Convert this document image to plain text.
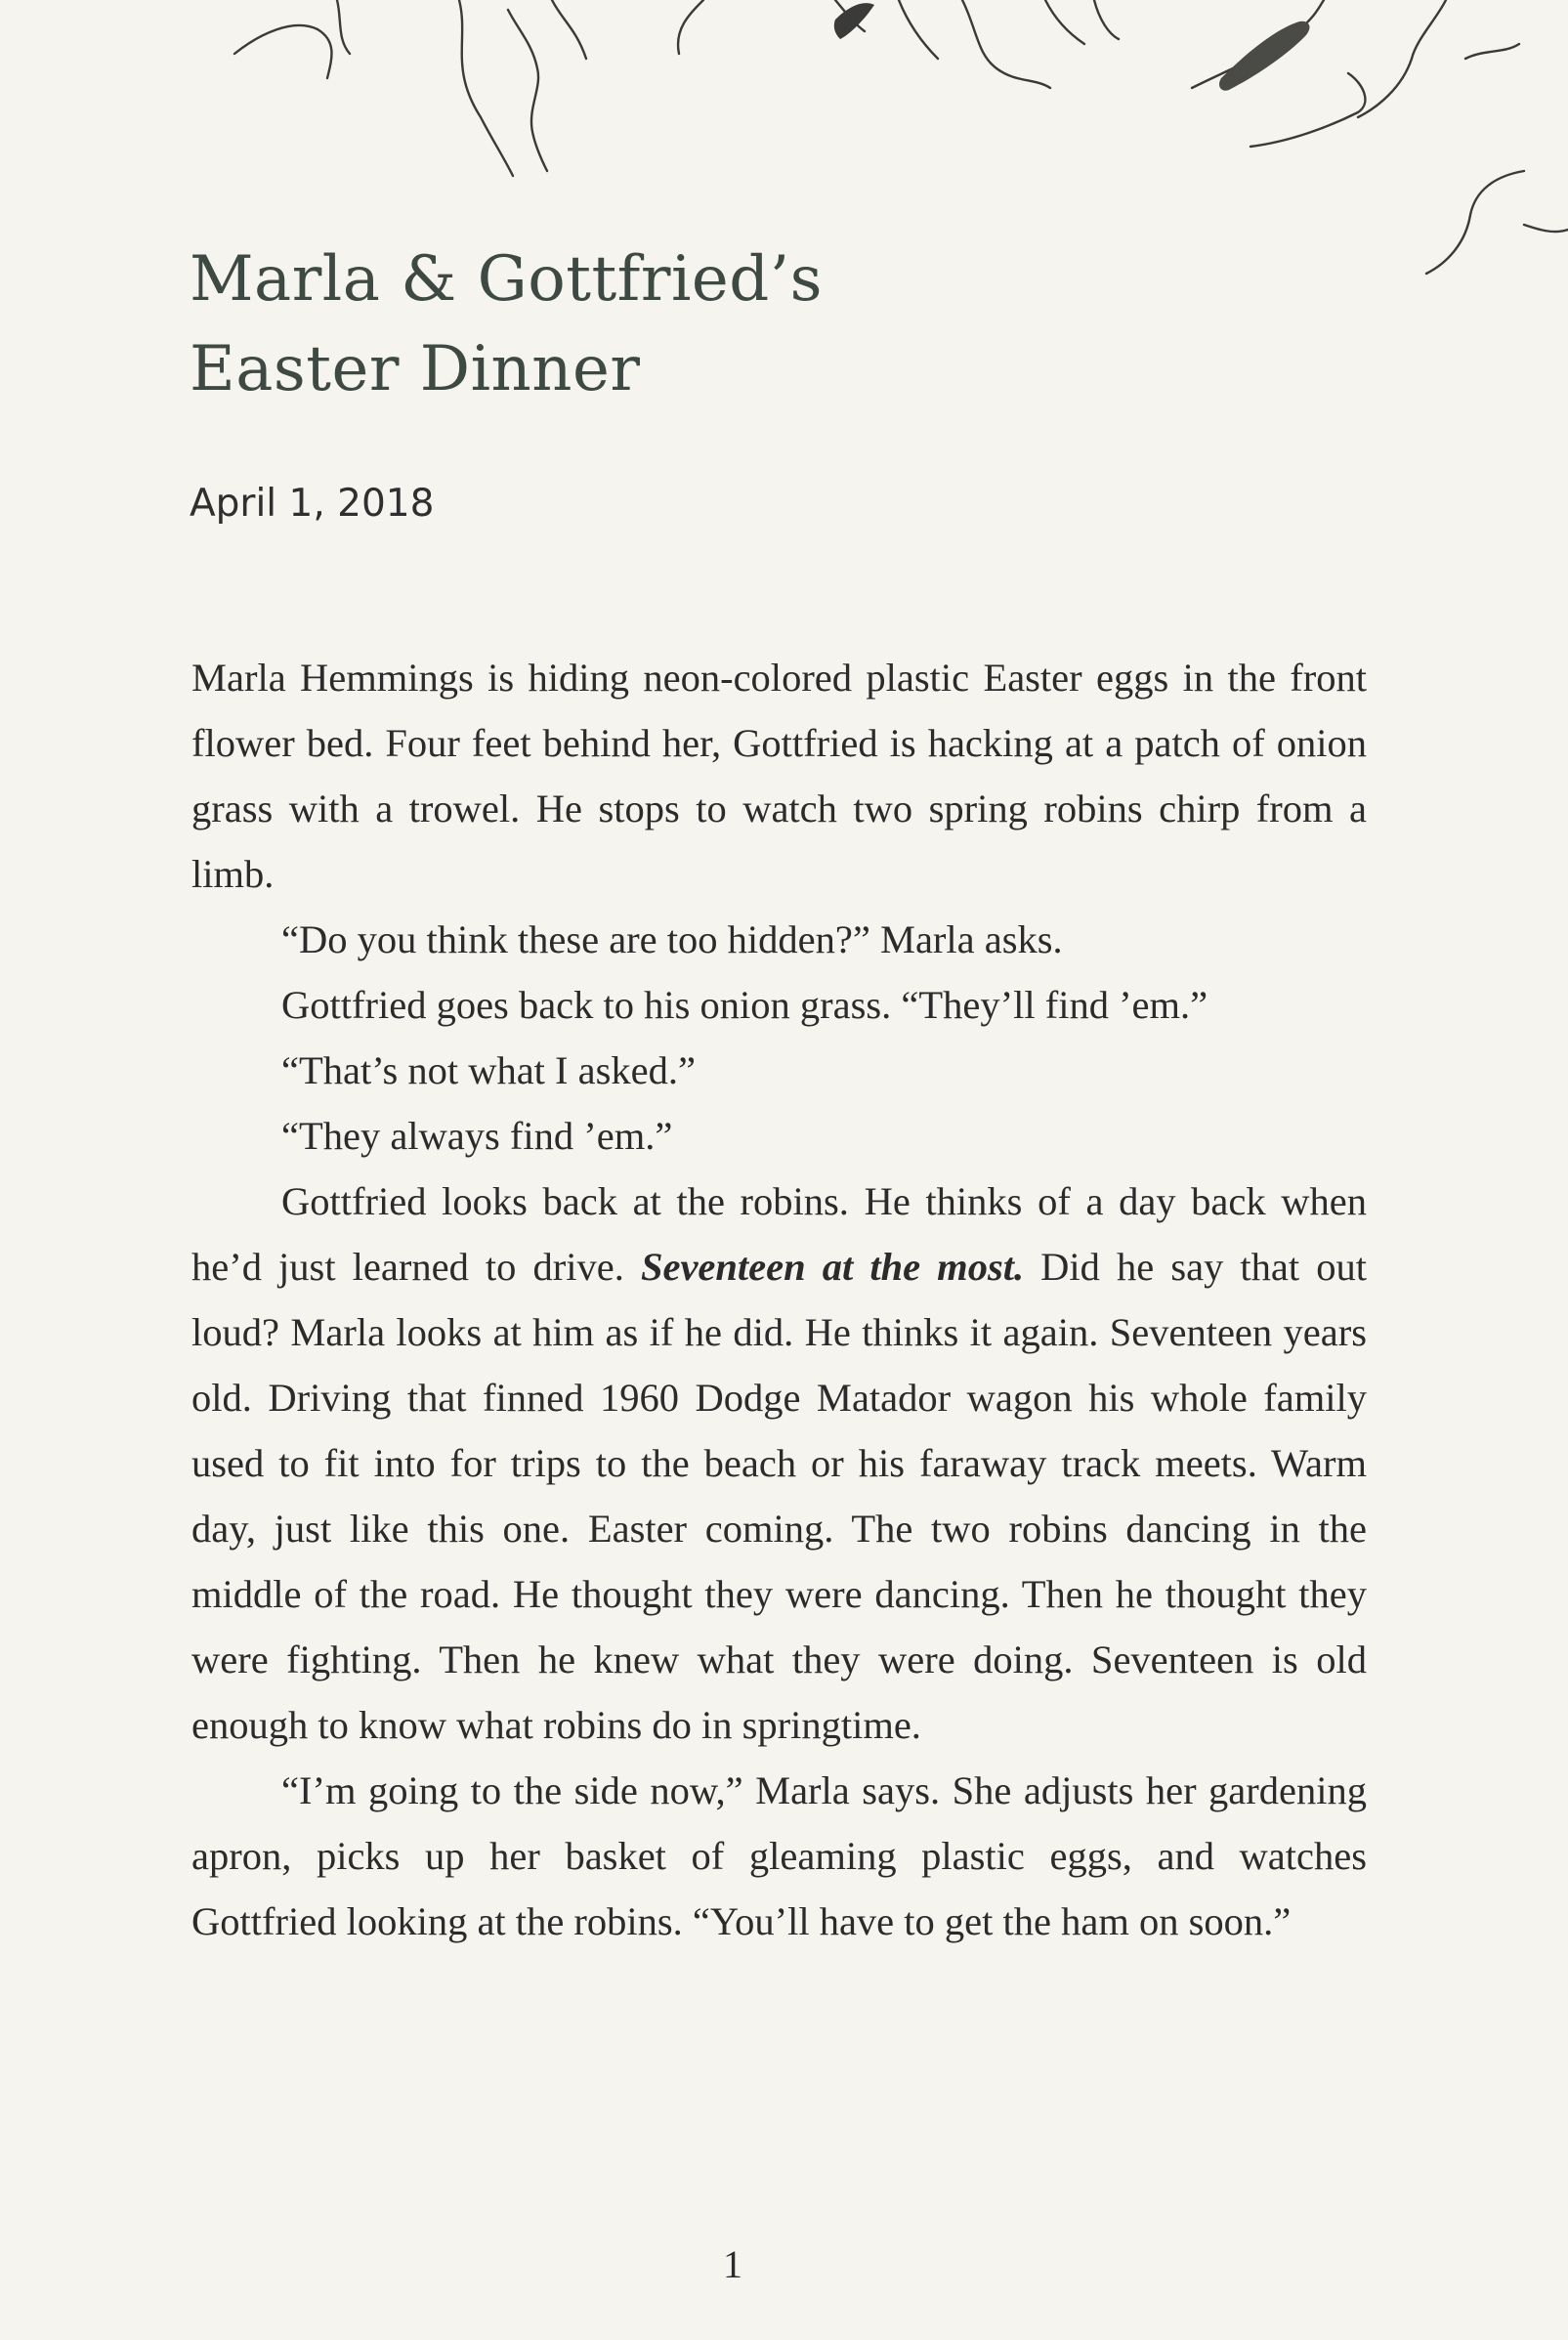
Marla & Gottfried’s
Easter Dinner
April 1, 2018

Marla Hemmings is hiding neon-colored plastic Easter eggs in the front flower bed. Four feet behind her, Gottfried is hacking at a patch of onion grass with a trowel. He stops to watch two spring robins chirp from a limb.

“Do you think these are too hidden?” Marla asks.

Gottfried goes back to his onion grass. “They’ll find ’em.”

“That’s not what I asked.”

“They always find ’em.”

Gottfried looks back at the robins. He thinks of a day back when he’d just learned to drive. Seventeen at the most. Did he say that out loud? Marla looks at him as if he did. He thinks it again. Seventeen years old. Driving that finned 1960 Dodge Matador wagon his whole family used to fit into for trips to the beach or his faraway track meets. Warm day, just like this one. Easter coming. The two robins dancing in the middle of the road. He thought they were dancing. Then he thought they were fighting. Then he knew what they were doing. Seventeen is old enough to know what robins do in springtime.

“I’m going to the side now,” Marla says. She adjusts her gardening apron, picks up her basket of gleaming plastic eggs, and watches Gottfried looking at the robins. “You’ll have to get the ham on soon.”

1
